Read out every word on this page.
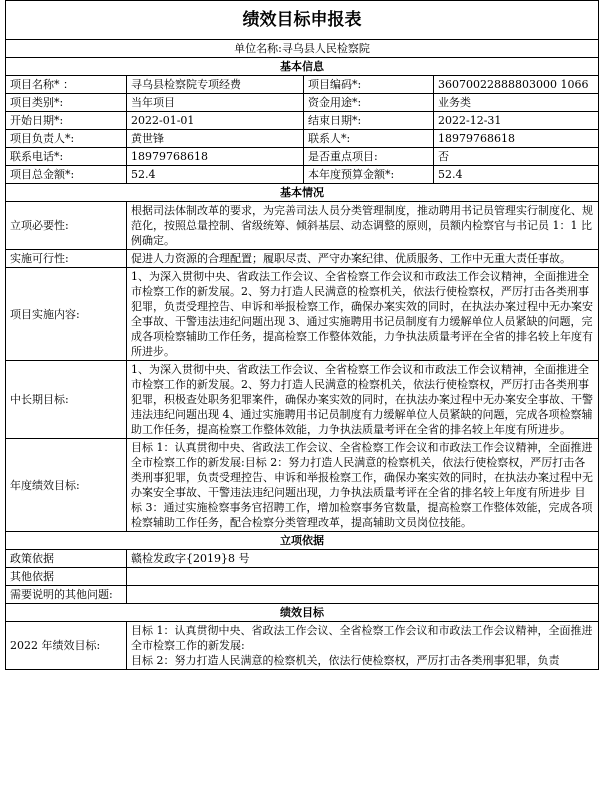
绩效目标申报表			
单位名称:寻乌县人民检察院			
基本信息			
项目名称* ：	寻乌县检察院专项经费	项目编码*:	36070022888803000 1066
项目类别*:	当年项目	资金用途*:	业务类
开始日期*:	2022-01-01	结束日期*:	2022-12-31
项目负责人*:	黄世锋	联系人*:	18979768618
联系电话*:	18979768618	是否重点项目:	否
项目总金额*:	52.4	本年度预算金额*:	52.4
基本情况			
立项必要性:	根据司法体制改革的要求，为完善司法人员分类管理制度，推动聘用书记员管理实行制度化、规范化，按照总量控制、省级统筹、倾斜基层、动态调整的原则，员额内检察官与书记员 1：1 比例确定。		
实施可行性:	促进人力资源的合理配置；履职尽责、严守办案纪律、优质服务、工作中无重大责任事故。		
项目实施内容:	1、为深入贯彻中央、省政法工作会议、全省检察工作会议和市政法工作会议精神，全面推进全市检察工作的新发展。2、努力打造人民满意的检察机关，依法行使检察权，严厉打击各类刑事犯罪，负责受理控告、申诉和举报检察工作，确保办案实效的同时，在执法办案过程中无办案安全事故、干警违法违纪问题出现 3、通过实施聘用书记员制度有力缓解单位人员紧缺的问题，完成各项检察辅助工作任务，提高检察工作整体效能，力争执法质量考评在全省的排名较上年度有所进步。		
中长期目标:	1、为深入贯彻中央、省政法工作会议、全省检察工作会议和市政法工作会议精神，全面推进全市检察工作的新发展。2、努力打造人民满意的检察机关，依法行使检察权，严厉打击各类刑事犯罪，积极查处职务犯罪案件，确保办案实效的同时，在执法办案过程中无办案安全事故、干警违法违纪问题出现 4、通过实施聘用书记员制度有力缓解单位人员紧缺的问题，完成各项检察辅助工作任务，提高检察工作整体效能，力争执法质量考评在全省的排名较上年度有所进步。		
年度绩效目标:	目标 1：认真贯彻中央、省政法工作会议、全省检察工作会议和市政法工作会议精神，全面推进全市检察工作的新发展:目标 2：努力打造人民满意的检察机关，依法行使检察权，严厉打击各类刑事犯罪，负责受理控告、申诉和举报检察工作，确保办案实效的同时，在执法办案过程中无办案安全事故、干警违法违纪问题出现，力争执法质量考评在全省的排名较上年度有所进步 目标 3：通过实施检察事务官招聘工作，增加检察事务官数量，提高检察工作整体效能，完成各项检察辅助工作任务，配合检察分类管理改革，提高辅助文员岗位技能。		
立项依据			
政策依据	赣检发政字{2019}8 号		
其他依据			
需要说明的其他问题:			
绩效目标			
2022 年绩效目标:	目标 1：认真贯彻中央、省政法工作会议、全省检察工作会议和市政法工作会议精神，全面推进全市检察工作的新发展:
目标 2：努力打造人民满意的检察机关，依法行使检察权，严厉打击各类刑事犯罪，负责		
